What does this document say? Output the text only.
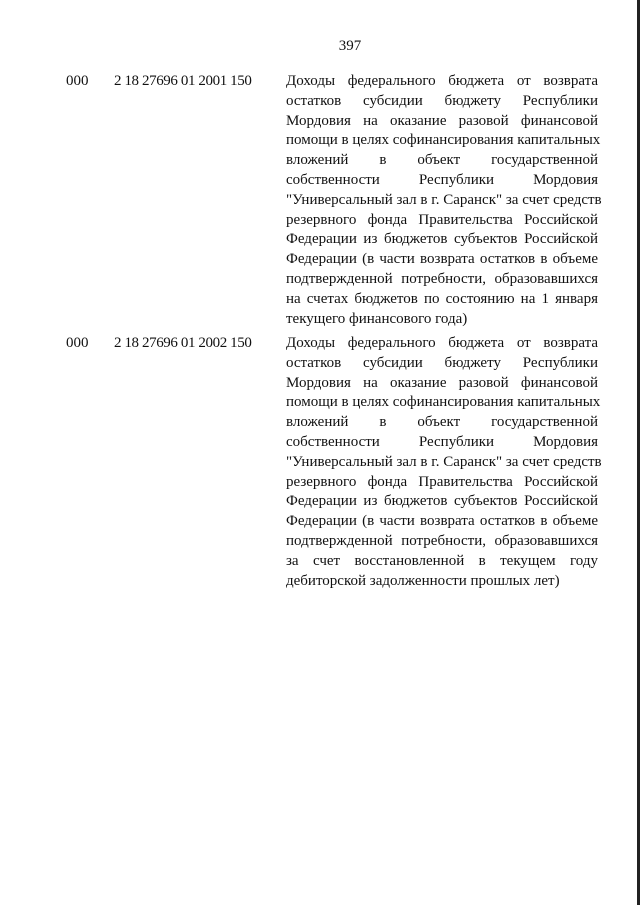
397
000 2 18 27696 01 2001 150	Доходы федерального бюджета от возврата
остатков субсидии бюджету Республики
Мордовия на оказание разовой финансовой
помощи в целях софинансирования капитальных
вложений в объект государственной
собственности Республики Мордовия
"Универсальный зал в г. Саранск" за счет средств
резервного фонда Правительства Российской
Федерации из бюджетов субъектов Российской
Федерации (в части возврата остатков в объеме
подтвержденной потребности, образовавшихся
на счетах бюджетов по состоянию на 1 января
текущего финансового года)
000 2 18 27696 01 2002 150	Доходы федерального бюджета от возврата
остатков субсидии бюджету Республики
Мордовия на оказание разовой финансовой
помощи в целях софинансирования капитальных
вложений в объект государственной
собственности Республики Мордовия
"Универсальный зал в г. Саранск" за счет средств
резервного фонда Правительства Российской
Федерации из бюджетов субъектов Российской
Федерации (в части возврата остатков в объеме
подтвержденной потребности, образовавшихся
за счет восстановленной в текущем году
дебиторской задолженности прошлых лет)
